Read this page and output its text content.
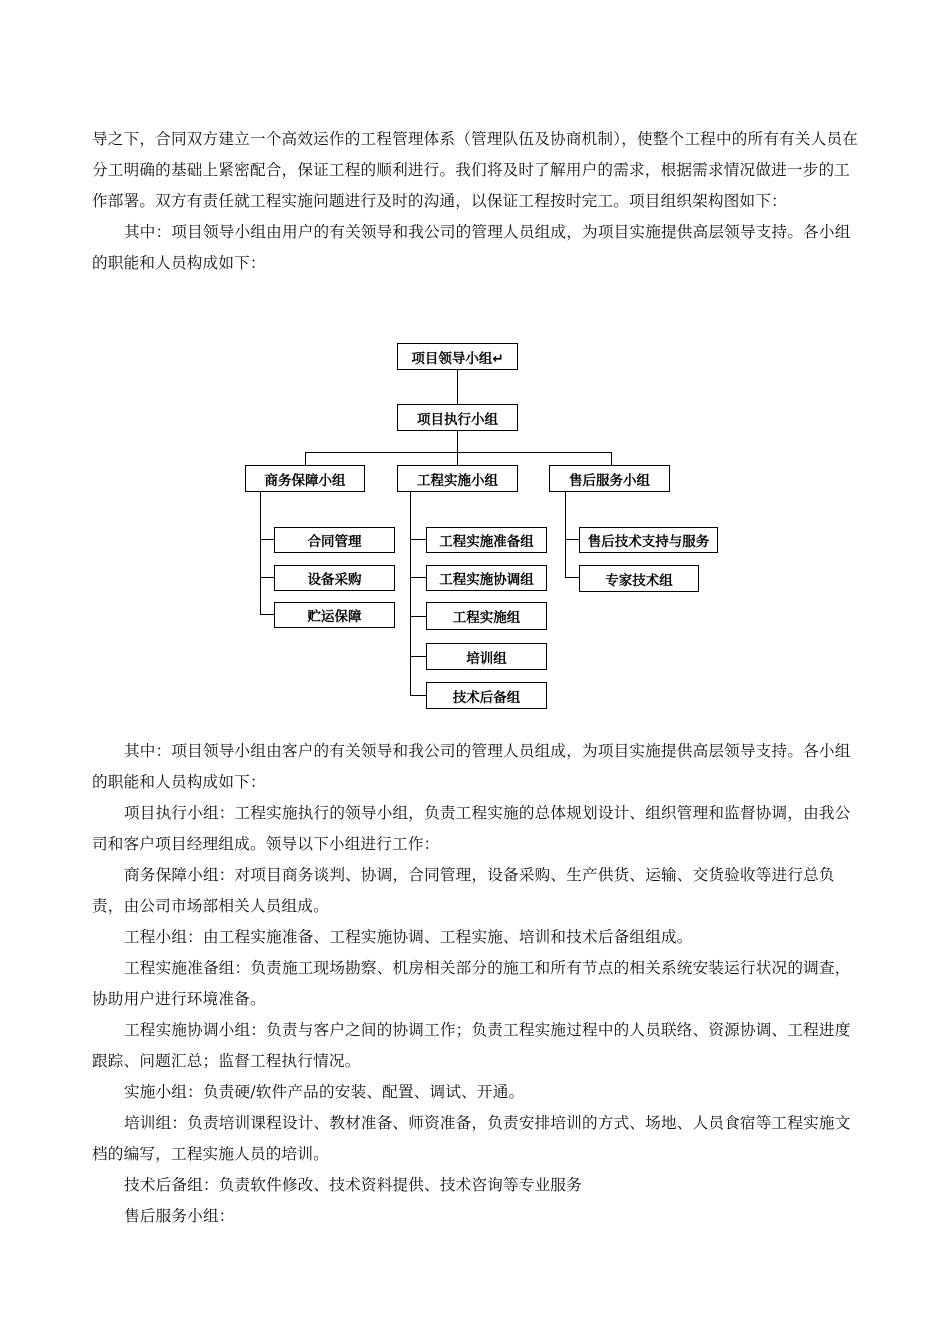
导之下，合同双方建立一个高效运作的工程管理体系（管理队伍及协商机制），使整个工程中的所有有关人员在分工明确的基础上紧密配合，保证工程的顺利进行。我们将及时了解用户的需求，根据需求情况做进一步的工作部署。双方有责任就工程实施问题进行及时的沟通，以保证工程按时完工。项目组织架构图如下：

其中：项目领导小组由用户的有关领导和我公司的管理人员组成，为项目实施提供高层领导支持。各小组的职能和人员构成如下：

项目领导小组↵
项目执行小组
商务保障小组	工程实施小组	售后服务小组
合同管理
设备采购
贮运保障
工程实施准备组
工程实施协调组
工程实施组
培训组
技术后备组
售后技术支持与服务
专家技术组

其中：项目领导小组由客户的有关领导和我公司的管理人员组成，为项目实施提供高层领导支持。各小组的职能和人员构成如下：

项目执行小组：工程实施执行的领导小组，负责工程实施的总体规划设计、组织管理和监督协调，由我公司和客户项目经理组成。领导以下小组进行工作：

商务保障小组：对项目商务谈判、协调，合同管理，设备采购、生产供货、运输、交货验收等进行总负责，由公司市场部相关人员组成。

工程小组：由工程实施准备、工程实施协调、工程实施、培训和技术后备组组成。

工程实施准备组：负责施工现场勘察、机房相关部分的施工和所有节点的相关系统安装运行状况的调查，协助用户进行环境准备。

工程实施协调小组：负责与客户之间的协调工作；负责工程实施过程中的人员联络、资源协调、工程进度跟踪、问题汇总；监督工程执行情况。

实施小组：负责硬/软件产品的安装、配置、调试、开通。

培训组：负责培训课程设计、教材准备、师资准备，负责安排培训的方式、场地、人员食宿等工程实施文档的编写，工程实施人员的培训。

技术后备组：负责软件修改、技术资料提供、技术咨询等专业服务

售后服务小组：
